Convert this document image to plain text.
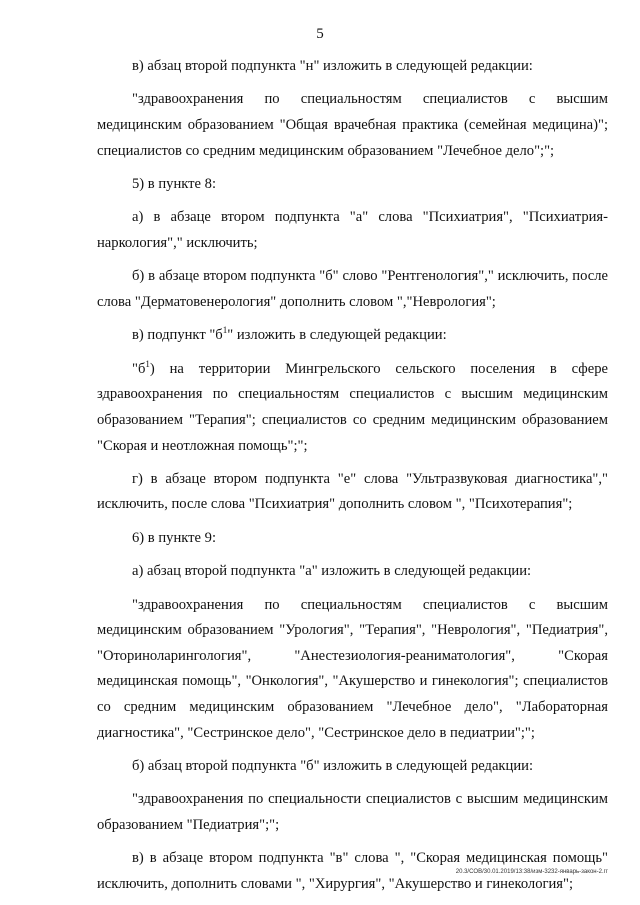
5

в) абзац второй подпункта "н" изложить в следующей редакции:

"здравоохранения по специальностям специалистов с высшим медицинским образованием "Общая врачебная практика (семейная медицина)"; специалистов со средним медицинским образованием "Лечебное дело";";

5) в пункте 8:

а) в абзаце втором подпункта "а" слова "Психиатрия", "Психиатрия-наркология"," исключить;

б) в абзаце втором подпункта "б" слово "Рентгенология"," исключить, после слова "Дерматовенерология" дополнить словом ","Неврология";

в) подпункт "$б^1$" изложить в следующей редакции:

"$б^1$) на территории Мингрельского сельского поселения в сфере здравоохранения по специальностям специалистов с высшим медицинским образованием "Терапия"; специалистов со средним медицинским образованием "Скорая и неотложная помощь";";

г) в абзаце втором подпункта "е" слова "Ультразвуковая диагностика"," исключить, после слова "Психиатрия" дополнить словом ", "Психотерапия";

6) в пункте 9:

а) абзац второй подпункта "а" изложить в следующей редакции:

"здравоохранения по специальностям специалистов с высшим медицинским образованием "Урология", "Терапия", "Неврология", "Педиатрия", "Оториноларингология", "Анестезиология-реаниматология", "Скорая медицинская помощь", "Онкология", "Акушерство и гинекология"; специалистов со средним медицинским образованием "Лечебное дело", "Лабораторная диагностика", "Сестринское дело", "Сестринское дело в педиатрии";";

б) абзац второй подпункта "б" изложить в следующей редакции:

"здравоохранения по специальности специалистов с высшим медицинским образованием "Педиатрия";";

в) в абзаце втором подпункта "в" слова ", "Скорая медицинская помощь" исключить, дополнить словами ", "Хирургия", "Акушерство и гинекология";

20.3/COB/30.01.2019/13:38/изм-3232-январь-закон-2.гг
